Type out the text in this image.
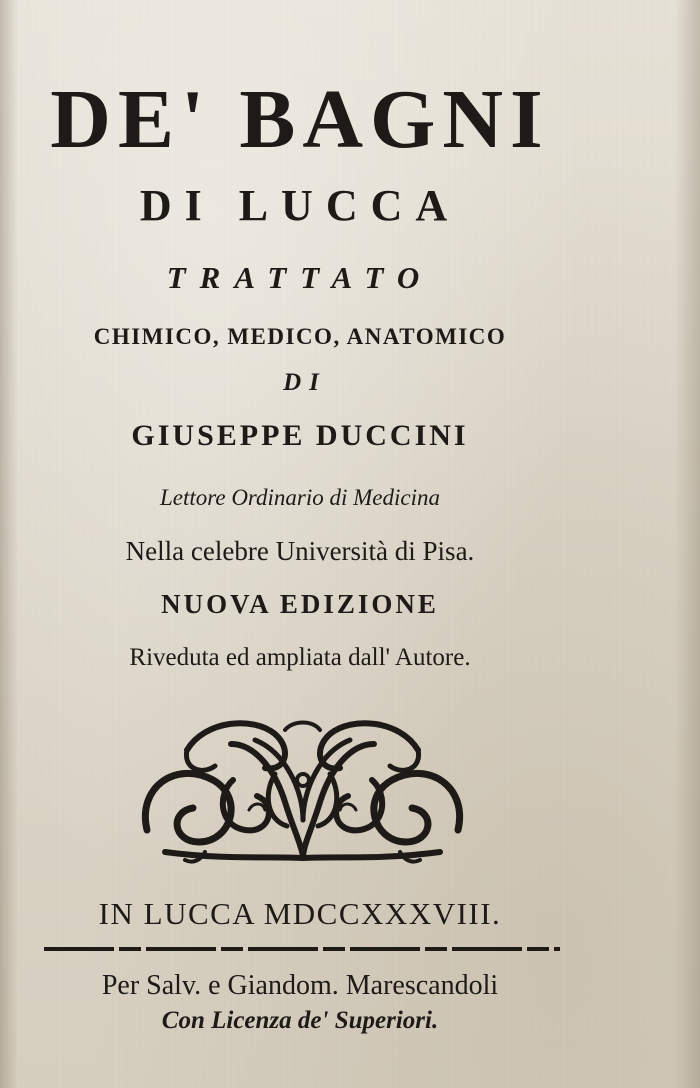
DE' BAGNI
DI LUCCA
TRATTATO
CHIMICO, MEDICO, ANATOMICO
DI
GIUSEPPE DUCCINI
Lettore Ordinario di Medicina
Nella celebre Università di Pisa.
NUOVA EDIZIONE
Riveduta ed ampliata dall' Autore.
IN LUCCA MDCCXXXVIII.
Per Salv. e Giandom. Marescandoli
Con Licenza de' Superiori.
